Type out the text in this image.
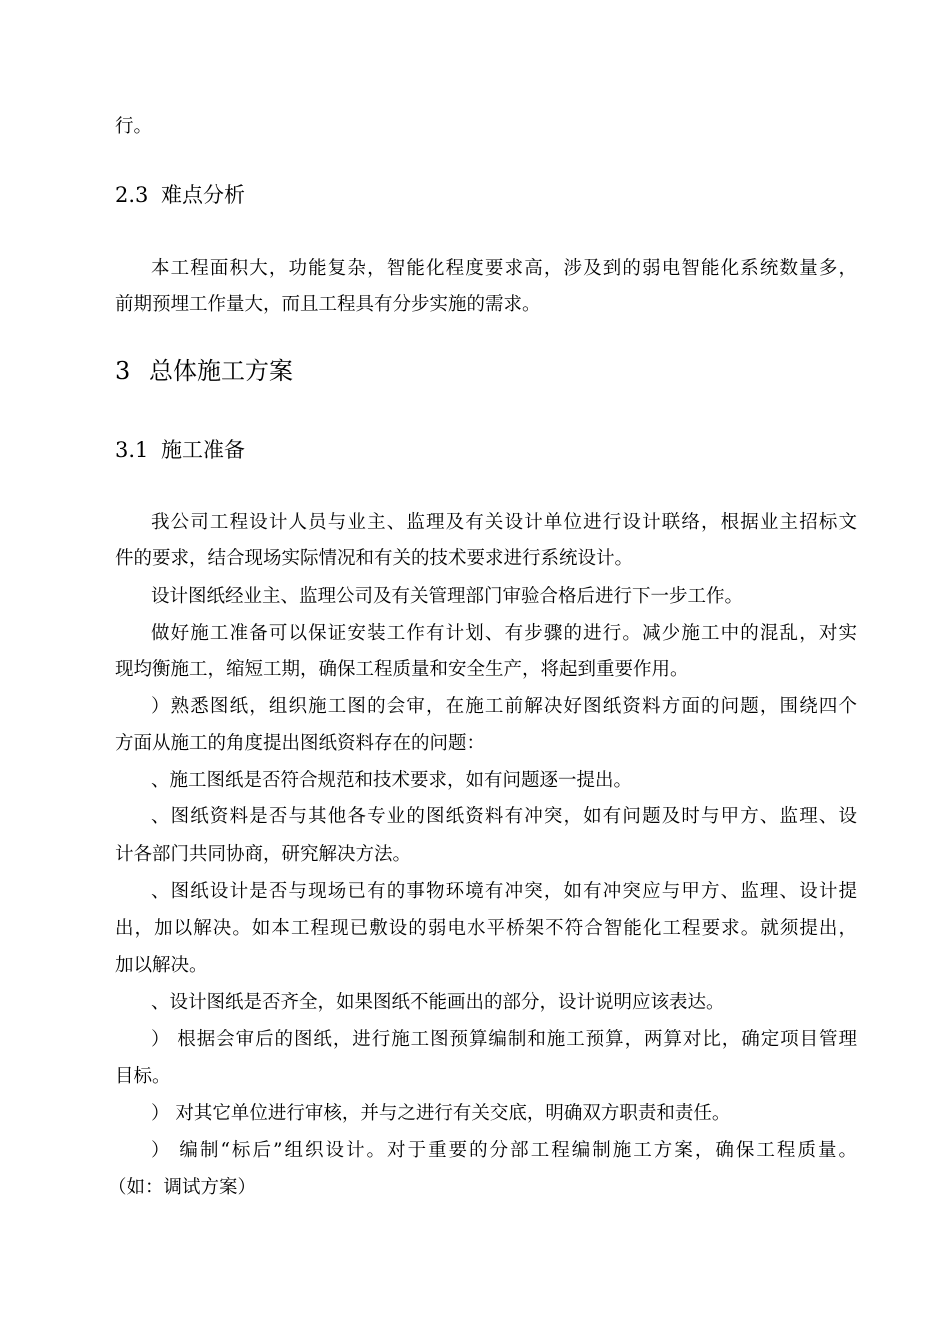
行。
2.3 难点分析
本工程面积大，功能复杂，智能化程度要求高，涉及到的弱电智能化系统数量多，
前期预埋工作量大，而且工程具有分步实施的需求。
3 总体施工方案
3.1 施工准备
我公司工程设计人员与业主、监理及有关设计单位进行设计联络，根据业主招标文
件的要求，结合现场实际情况和有关的技术要求进行系统设计。
设计图纸经业主、监理公司及有关管理部门审验合格后进行下一步工作。
做好施工准备可以保证安装工作有计划、有步骤的进行。减少施工中的混乱，对实
现均衡施工，缩短工期，确保工程质量和安全生产，将起到重要作用。
）熟悉图纸，组织施工图的会审，在施工前解决好图纸资料方面的问题，围绕四个
方面从施工的角度提出图纸资料存在的问题：
、施工图纸是否符合规范和技术要求，如有问题逐一提出。
、图纸资料是否与其他各专业的图纸资料有冲突，如有问题及时与甲方、监理、设
计各部门共同协商，研究解决方法。
、图纸设计是否与现场已有的事物环境有冲突，如有冲突应与甲方、监理、设计提
出，加以解决。如本工程现已敷设的弱电水平桥架不符合智能化工程要求。就须提出，
加以解决。
、设计图纸是否齐全，如果图纸不能画出的部分，设计说明应该表达。
） 根据会审后的图纸，进行施工图预算编制和施工预算，两算对比，确定项目管理
目标。
） 对其它单位进行审核，并与之进行有关交底，明确双方职责和责任。
） 编制“标后”组织设计。对于重要的分部工程编制施工方案，确保工程质量。
（如：调试方案）
